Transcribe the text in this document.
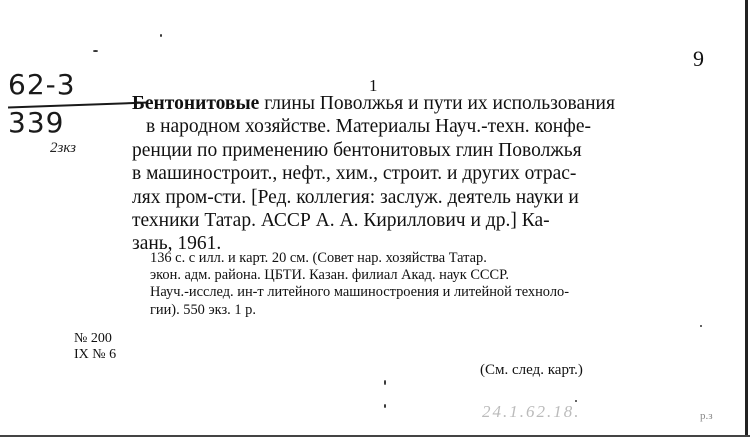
9
62-3
339
2зкз
1
Бентонитовые глины Поволжья и пути их использования
в народном хозяйстве. Материалы Науч.-техн. конфе-
ренции по применению бентонитовых глин Поволжья
в машиностроит., нефт., хим., строит. и других отрас-
лях пром-сти. [Ред. коллегия: заслуж. деятель науки и
техники Татар. АССР А. А. Кириллович и др.] Ка-
зань, 1961.
136 с. с илл. и карт. 20 см. (Совет нар. хозяйства Татар.
экон. адм. района. ЦБТИ. Казан. филиал Акад. наук СССР.
Науч.-исслед. ин-т литейного машиностроения и литейной техноло-
гии). 550 экз. 1 р.
№ 200
IX № 6
(См. след. карт.)
24.1.62.18.	р.з
